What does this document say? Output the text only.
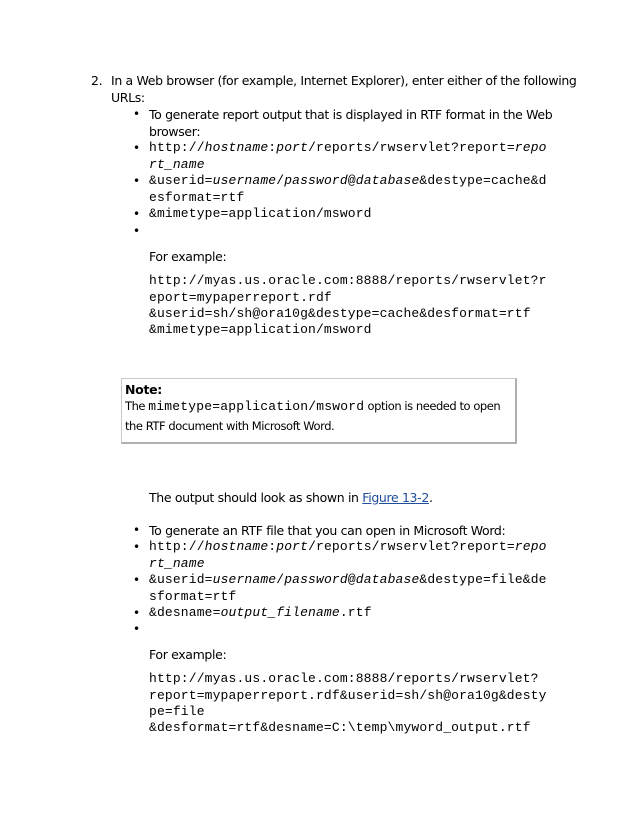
2. In a Web browser (for example, Internet Explorer), enter either of the following
URLs:
• To generate report output that is displayed in RTF format in the Web
browser:
• http://hostname:port/reports/rwservlet?report=repo
rt_name
• &userid=username/password@database&destype=cache&d
esformat=rtf
• &mimetype=application/msword
•
For example:
http://myas.us.oracle.com:8888/reports/rwservlet?r
eport=mypaperreport.rdf
&userid=sh/sh@ora10g&destype=cache&desformat=rtf
&mimetype=application/msword
Note:
The mimetype=application/msword option is needed to open
the RTF document with Microsoft Word.
The output should look as shown in Figure 13-2.
• To generate an RTF file that you can open in Microsoft Word:
• http://hostname:port/reports/rwservlet?report=repo
rt_name
• &userid=username/password@database&destype=file&de
sformat=rtf
• &desname=output_filename.rtf
•
For example:
http://myas.us.oracle.com:8888/reports/rwservlet?
report=mypaperreport.rdf&userid=sh/sh@ora10g&desty
pe=file
&desformat=rtf&desname=C:\temp\myword_output.rtf
